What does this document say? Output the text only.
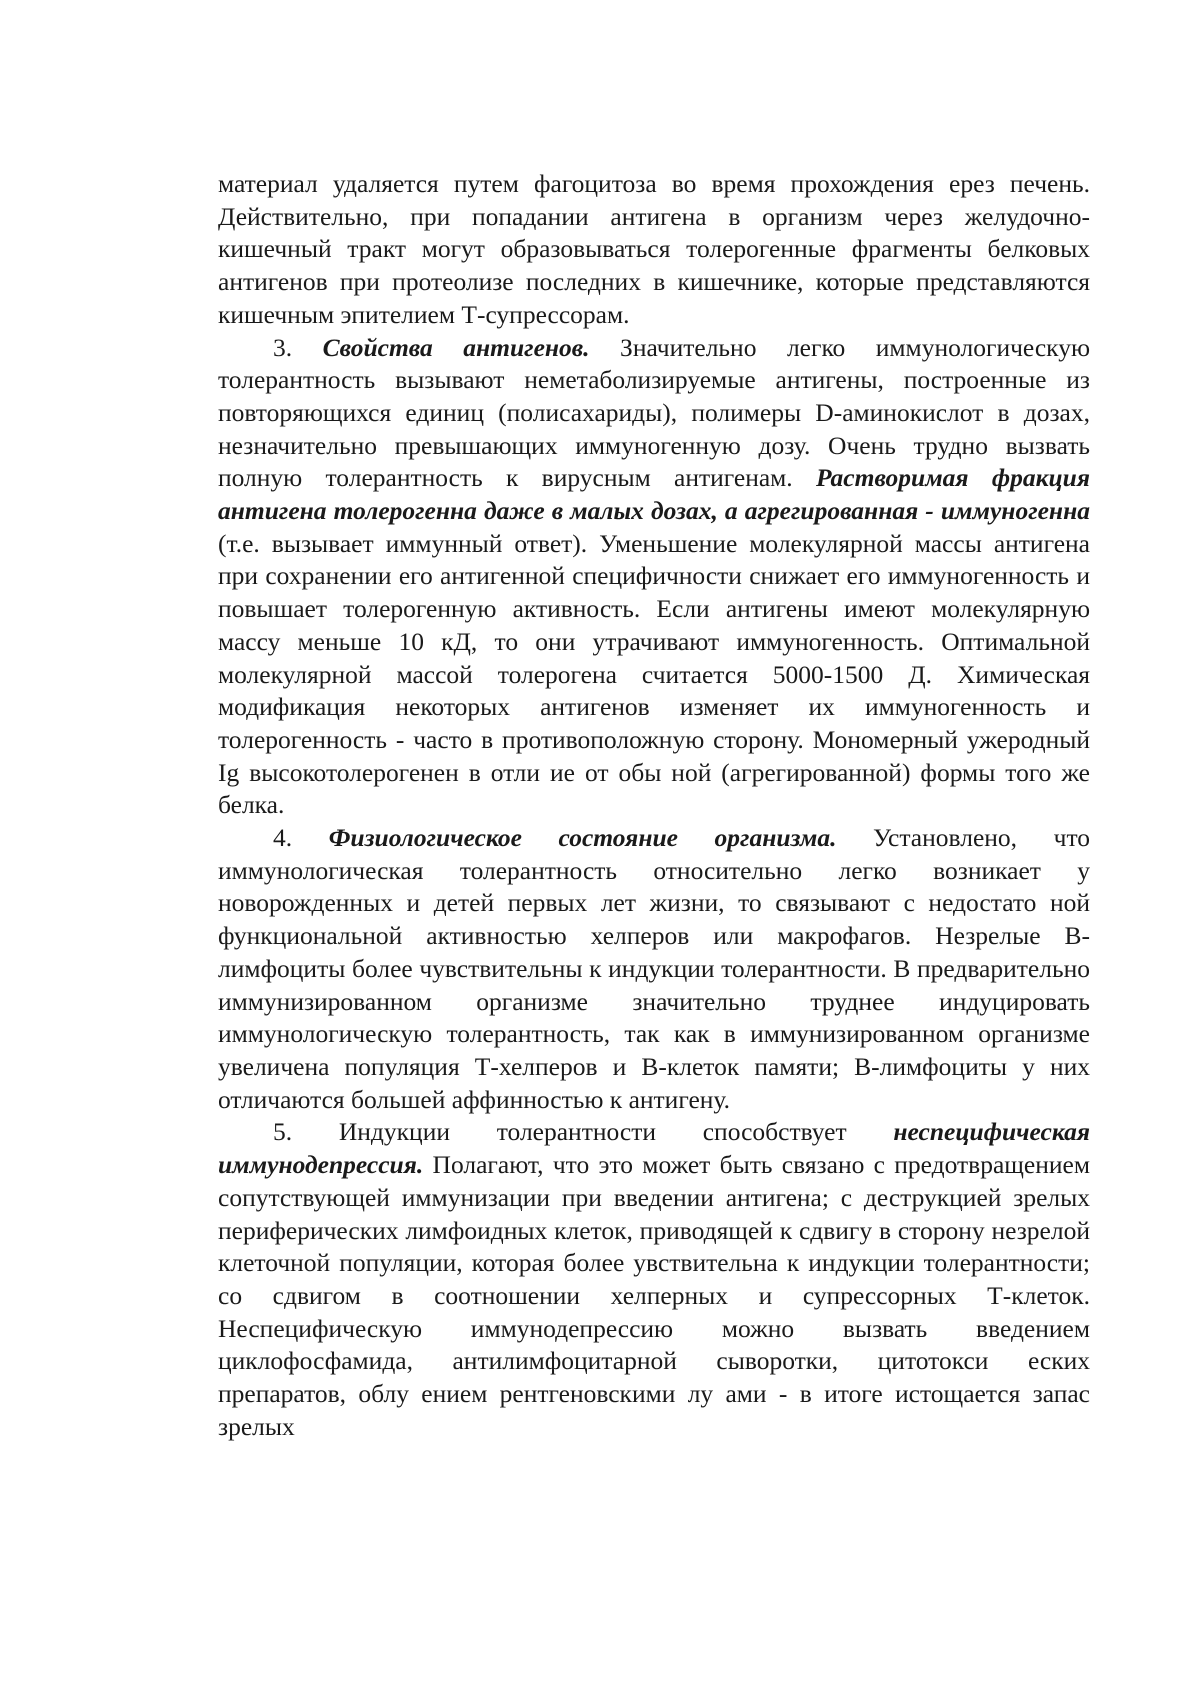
материал удаляется путем фагоцитоза во время прохождения ерез печень. Действительно, при попадании антигена в организм через желудочно-кишечный тракт могут образовываться толерогенные фрагменты белковых антигенов при протеолизе последних в кишечнике, которые представляются кишечным эпителием Т-супрессорам.

3. Свойства антигенов. Значительно легко иммунологическую толерантность вызывают неметаболизируемые антигены, построенные из повторяющихся единиц (полисахариды), полимеры D-аминокислот в дозах, незначительно превышающих иммуногенную дозу. Очень трудно вызвать полную толерантность к вирусным антигенам. Растворимая фракция антигена толерогенна даже в малых дозах, а агрегированная - иммуногенна (т.е. вызывает иммунный ответ). Уменьшение молекулярной массы антигена при сохранении его антигенной специфичности снижает его иммуногенность и повышает толерогенную активность. Если антигены имеют молекулярную массу меньше 10 кД, то они утрачивают иммуногенность. Оптимальной молекулярной массой толерогена считается 5000-1500 Д. Химическая модификация некоторых антигенов изменяет их иммуногенность и толерогенность - часто в противоположную сторону. Мономерный ужеродный Ig высокотолерогенен в отли ие от обы ной (агрегированной) формы того же белка.

4. Физиологическое состояние организма. Установлено, что иммунологическая толерантность относительно легко возникает у новорожденных и детей первых лет жизни, то связывают с недостато ной функциональной активностью хелперов или макрофагов. Незрелые В-лимфоциты более чувствительны к индукции толерантности. В предварительно иммунизированном организме значительно труднее индуцировать иммунологическую толерантность, так как в иммунизированном организме увеличена популяция Т-хелперов и В-клеток памяти; В-лимфоциты у них отличаются большей аффинностью к антигену.

5. Индукции толерантности способствует неспецифическая иммунодепрессия. Полагают, что это может быть связано с предотвращением сопутствующей иммунизации при введении антигена; с деструкцией зрелых периферических лимфоидных клеток, приводящей к сдвигу в сторону незрелой клеточной популяции, которая более увствительна к индукции толерантности; со сдвигом в соотношении хелперных и супрессорных Т-клеток. Неспецифическую иммунодепрессию можно вызвать введением циклофосфамида, антилимфоцитарной сыворотки, цитотокси еских препаратов, облу ением рентгеновскими лу ами - в итоге истощается запас зрелых
